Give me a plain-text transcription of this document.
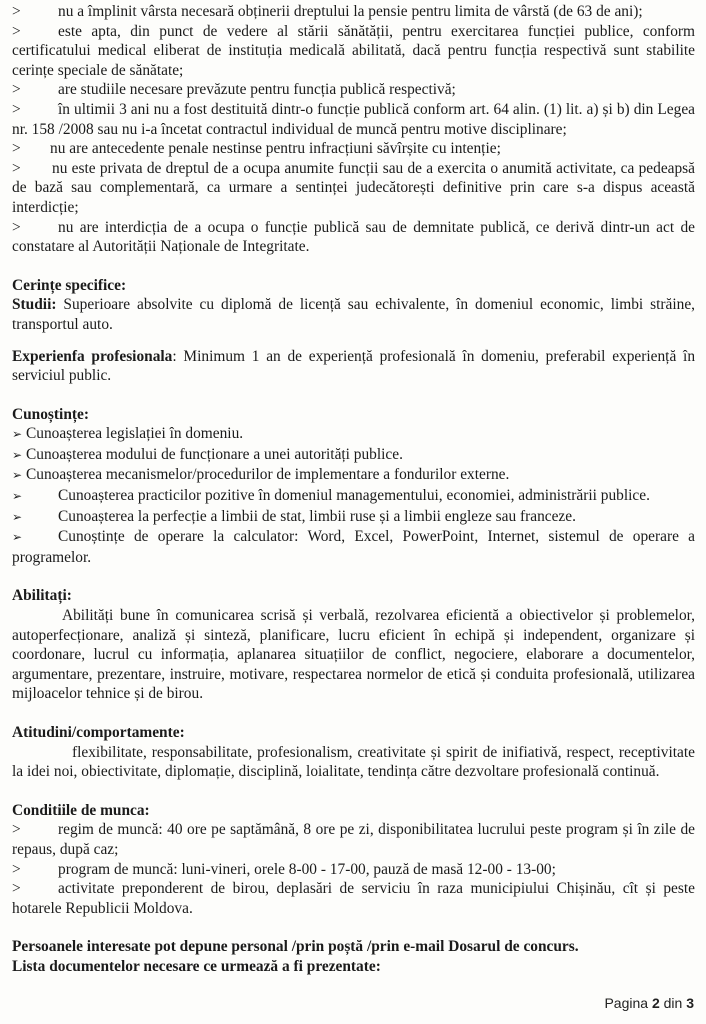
> nu a împlinit vârsta necesară obținerii dreptului la pensie pentru limita de vârstă (de 63 de ani);

> este apta, din punct de vedere al stării sănătății, pentru exercitarea funcției publice, conform certificatului medical eliberat de instituția medicală abilitată, dacă pentru funcția respectivă sunt stabilite cerințe speciale de sănătate;

> are studiile necesare prevăzute pentru funcția publică respectivă;

> în ultimii 3 ani nu a fost destituită dintr-o funcție publică conform art. 64 alin. (1) lit. a) și b) din Legea nr. 158 /2008 sau nu i-a încetat contractul individual de muncă pentru motive disciplinare;

> nu are antecedente penale nestinse pentru infracțiuni săvîrșite cu intenție;

> nu este privata de dreptul de a ocupa anumite funcții sau de a exercita o anumită activitate, ca pedeapsă de bază sau complementară, ca urmare a sentinței judecătorești definitive prin care s-a dispus această interdicție;

> nu are interdicția de a ocupa o funcție publică sau de demnitate publică, ce derivă dintr-un act de constatare al Autorității Naționale de Integritate.

Cerințe specifice:

Studii: Superioare absolvite cu diplomă de licență sau echivalente, în domeniul economic, limbi străine, transportul auto.

Experienfa profesionala: Minimum 1 an de experiență profesională în domeniu, preferabil experiență în serviciul public.

Cunoștințe:

➢ Cunoașterea legislației în domeniu.

➢ Cunoașterea modului de funcționare a unei autorități publice.

➢ Cunoașterea mecanismelor/procedurilor de implementare a fondurilor externe.

➢ Cunoașterea practicilor pozitive în domeniul managementului, economiei, administrării publice.

➢ Cunoașterea la perfecție a limbii de stat, limbii ruse și a limbii engleze sau franceze.

➢ Cunoștințe de operare la calculator: Word, Excel, PowerPoint, Internet, sistemul de operare a programelor.

Abilitați:

Abilități bune în comunicarea scrisă și verbală, rezolvarea eficientă a obiectivelor și problemelor, autoperfecționare, analiză și sinteză, planificare, lucru eficient în echipă și independent, organizare și coordonare, lucrul cu informația, aplanarea situațiilor de conflict, negociere, elaborare a documentelor, argumentare, prezentare, instruire, motivare, respectarea normelor de etică și conduita profesională, utilizarea mijloacelor tehnice și de birou.

Atitudini/comportamente:

flexibilitate, responsabilitate, profesionalism, creativitate și spirit de inifiativă, respect, receptivitate la idei noi, obiectivitate, diplomație, disciplină, loialitate, tendința către dezvoltare profesională continuă.

Conditiile de munca:

> regim de muncă: 40 ore pe saptămână, 8 ore pe zi, disponibilitatea lucrului peste program și în zile de repaus, după caz;

> program de muncă: luni-vineri, orele 8-00 - 17-00, pauză de masă 12-00 - 13-00;

> activitate preponderent de birou, deplasări de serviciu în raza municipiului Chișinău, cît și peste hotarele Republicii Moldova.

Persoanele interesate pot depune personal /prin poștă /prin e-mail Dosarul de concurs.

Lista documentelor necesare ce urmează a fi prezentate:

Pagina 2 din 3
